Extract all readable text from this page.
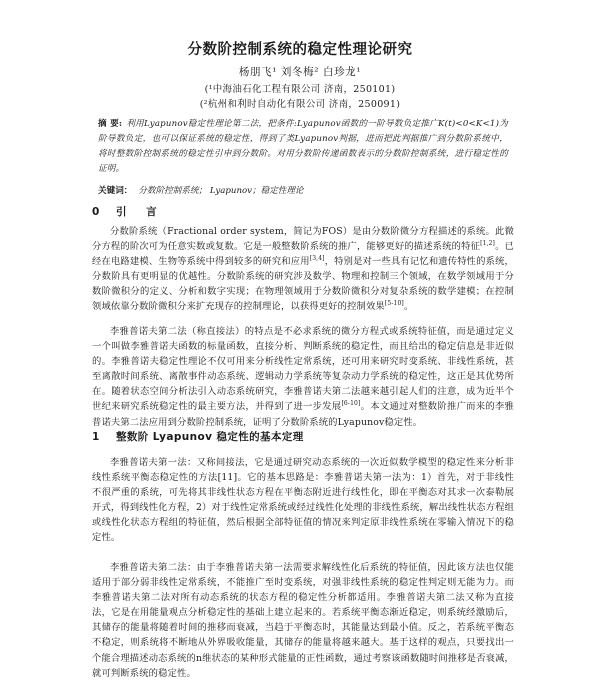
分数阶控制系统的稳定性理论研究
杨朋飞¹ 刘冬梅² 白珍龙¹
(¹中海油石化工程有限公司 济南，250101)
(²杭州和利时自动化有限公司 济南，250091)
摘 要: 利用Lyapunov稳定性理论第二法，把条件:Lyapunov函数的一阶导数负定推广K(t)<0<K<1)为阶导数负定，也可以保证系统的稳定性，得到了类Lyapunov判据，进而把此判据推广到分数阶系统中，将时整数阶控制系统的稳定性引申到分数阶。对用分数阶传递函数表示的分数阶控制系统，进行稳定性的证明。
关键词： 分数阶控制系统； Lyapunov；稳定性理论
0 引 言
分数阶系统（Fractional order system，简记为FOS）是由分数阶微分方程描述的系统。此微分方程的阶次可为任意实数或复数。它是一般整数阶系统的推广，能够更好的描述系统的特征[1,2]。已经在电路建模、生物等系统中得到较多的研究和应用[3,4]，特别是对一些具有记忆和遗传特性的系统，分数阶具有更明显的优越性。分数阶系统的研究涉及数学、物理和控制三个领域，在数学领域用于分数阶微积分的定义、分析和数字实现；在物理领域用于分数阶微积分对复杂系统的数学建模；在控制领域依靠分数阶微积分来扩充现存的控制理论，以获得更好的控制效果[5-10]。
李雅普诺夫第二法（称直接法）的特点是不必求系统的微分方程式或系统特征值，而是通过定义一个叫做李雅普诺夫函数的标量函数，直接分析、判断系统的稳定性，而且给出的稳定信息是非近似的。李雅普诺夫稳定性理论不仅可用来分析线性定常系统，还可用来研究时变系统、非线性系统，甚至离散时间系统、离散事件动态系统、逻辑动力学系统等复杂动力学系统的稳定性，这正是其优势所在。随着状态空间分析法引入动态系统研究，李雅普诺夫第二法越来越引起人们的注意，成为近半个世纪来研究系统稳定性的最主要方法，并得到了进一步发展[6-10]。本文通过对整数阶推广而来的李雅普诺夫第二法应用到分数阶控制系统，证明了分数阶系统的Lyapunov稳定性。
1 整数阶 Lyapunov 稳定性的基本定理
李雅普诺夫第一法：又称间接法，它是通过研究动态系统的一次近似数学模型的稳定性来分析非线性系统平衡态稳定性的方法[11]。它的基本思路是：李雅普诺夫第一法为：1）首先，对于非线性不很严重的系统，可先将其非线性状态方程在平衡态附近进行线性化，即在平衡态对其求一次泰勒展开式，得到线性化方程，2）对于线性定常系统或经过线性化处理的非线性系统，解出线性状态方程组或线性化状态方程组的特征值，然后根据全部特征值的情况来判定原非线性系统在零输入情况下的稳定性。
李雅普诺夫第二法：由于李雅普诺夫第一法需要求解线性化后系统的特征值，因此该方法也仅能适用于部分弱非线性定常系统，不能推广至时变系统，对强非线性系统的稳定性判定则无能为力。而李雅普诺夫第二法对所有动态系统的状态方程的稳定性分析都适用。李雅普诺夫第二法又称为直接法，它是在用能量观点分析稳定性的基础上建立起来的。若系统平衡态渐近稳定，则系统经激励后，其储存的能量将随着时间的推移而衰减，当趋于平衡态时，其能量达到最小值。反之，若系统平衡态不稳定，则系统将不断地从外界吸收能量，其储存的能量将越来越大。基于这样的观点，只要找出一个能合理描述动态系统的n维状态的某种形式能量的正性函数，通过考察该函数随时间推移是否衰减，就可判断系统的稳定性。
